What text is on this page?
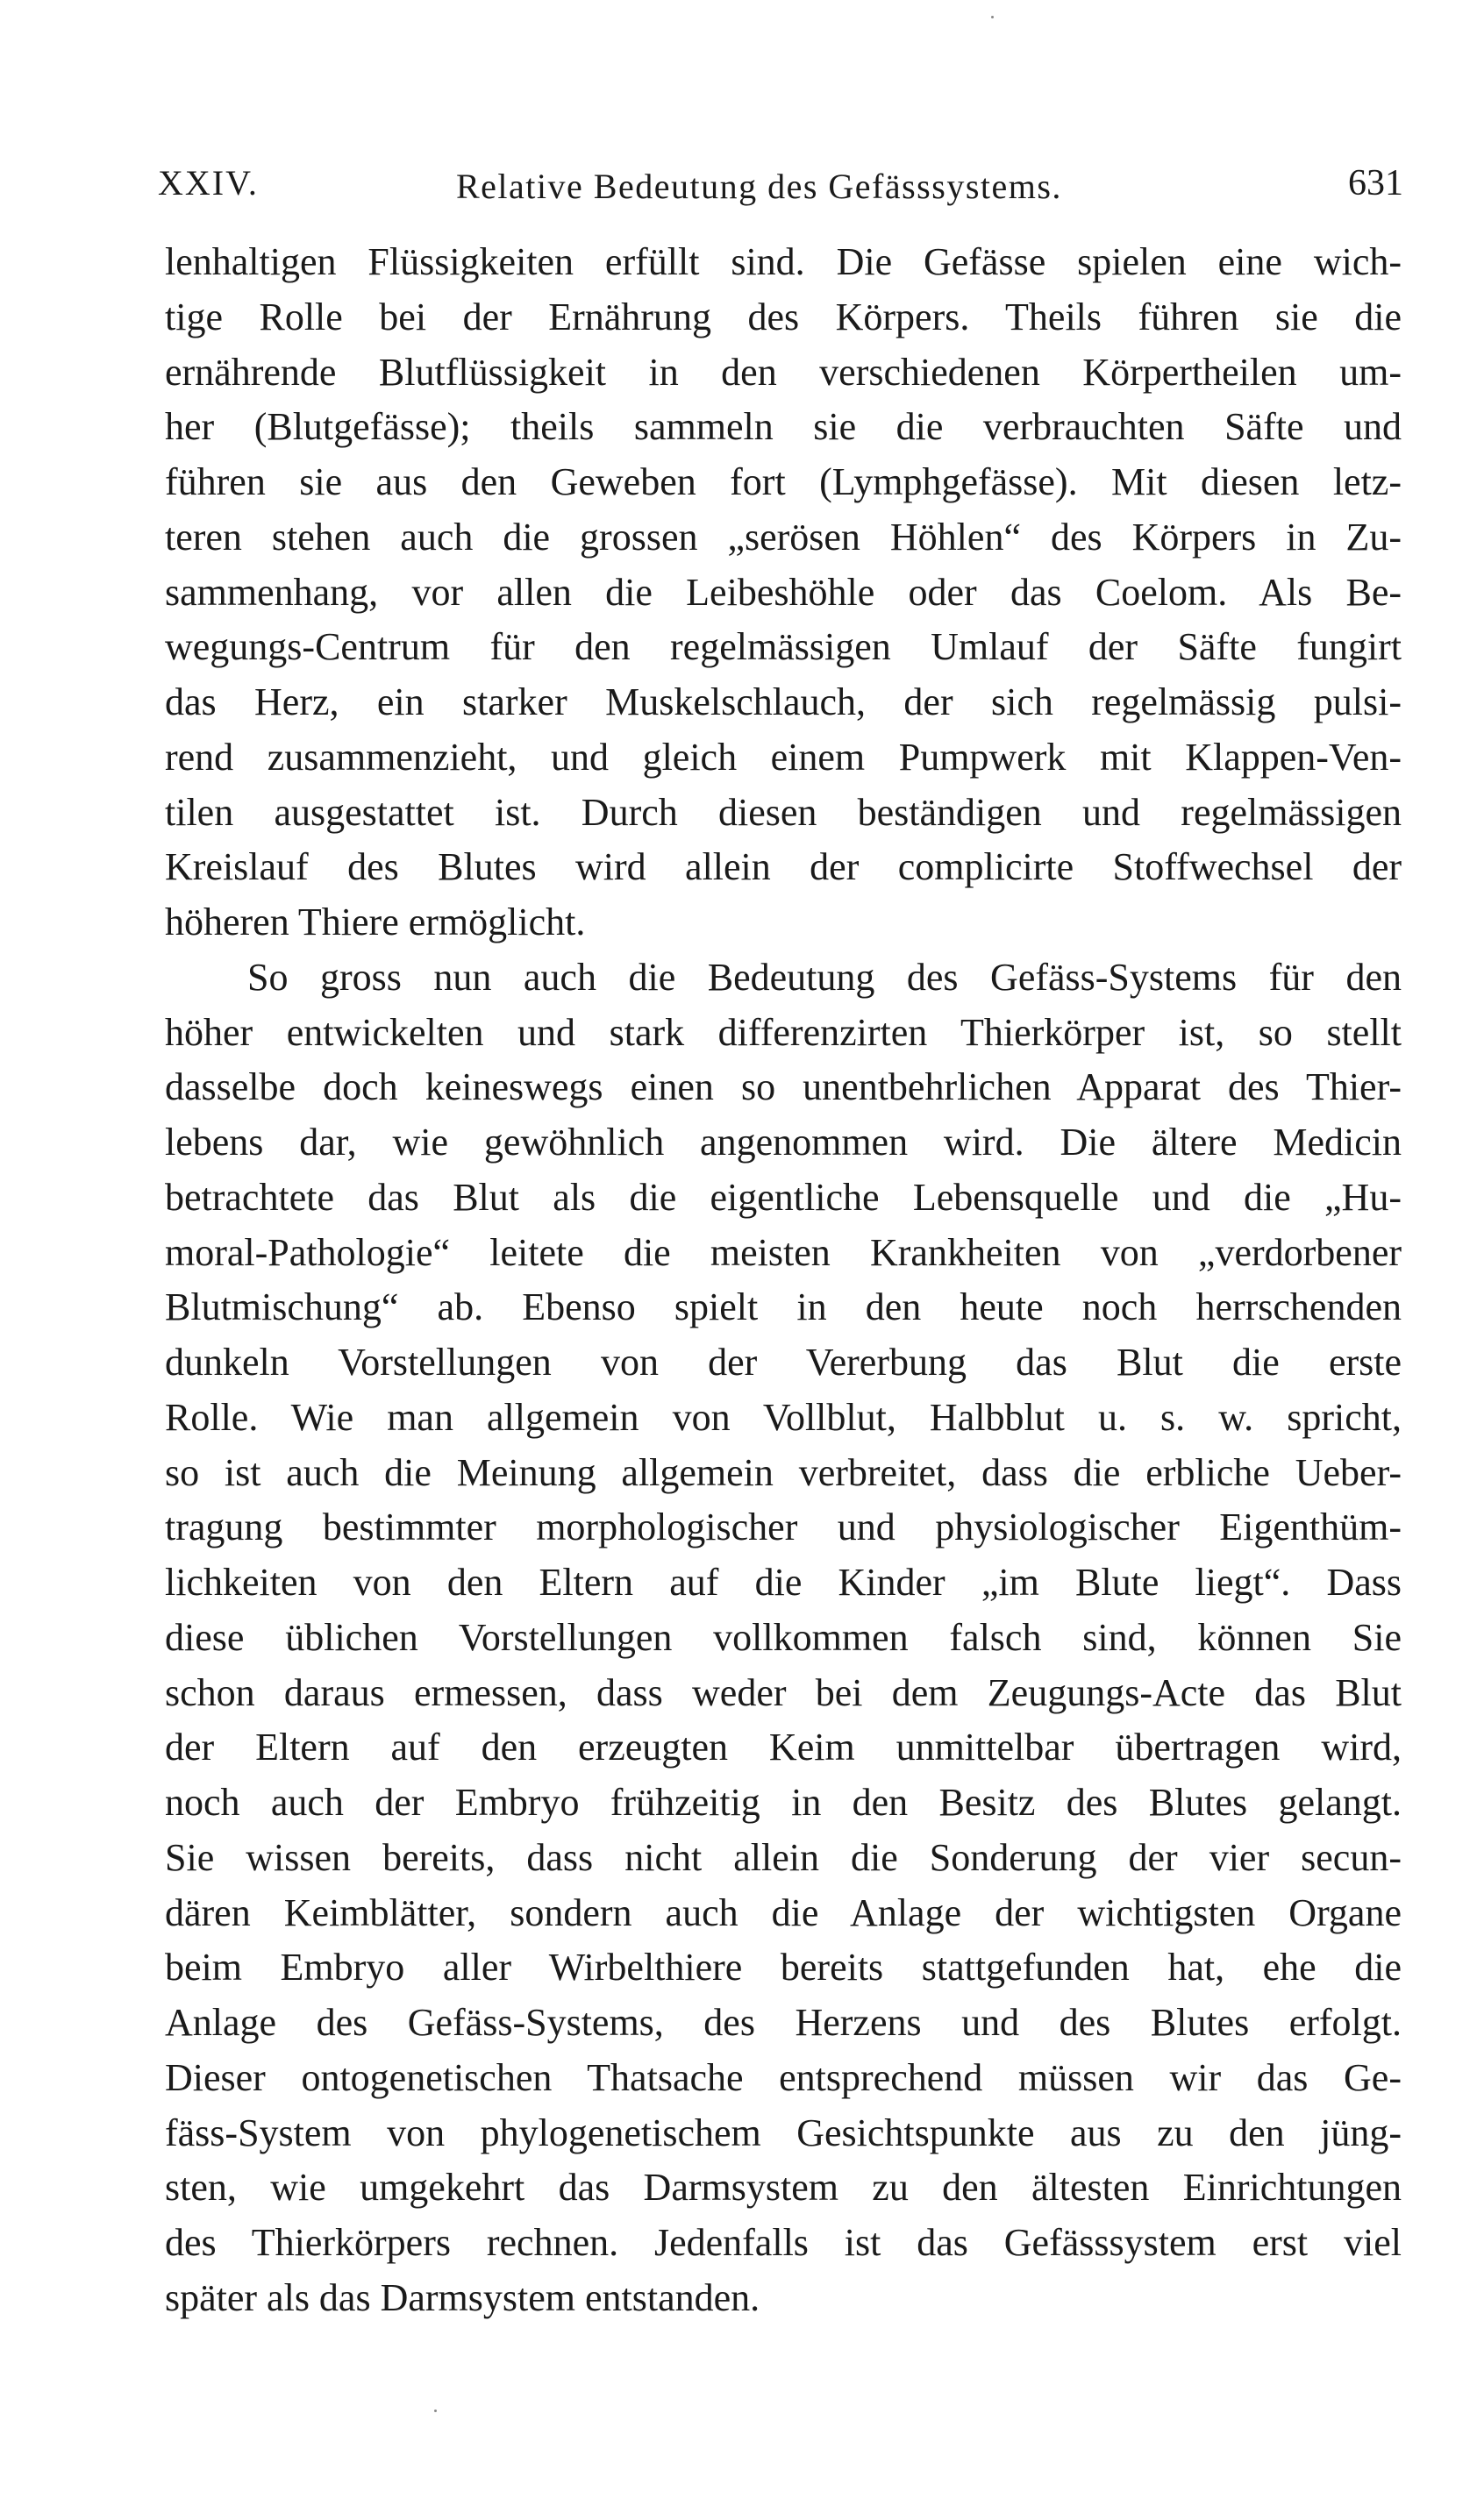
XXIV.	Relative Bedeutung des Gefässsystems.	631
lenhaltigen Flüssigkeiten erfüllt sind. Die Gefässe spielen eine wich-
tige Rolle bei der Ernährung des Körpers. Theils führen sie die
ernährende Blutflüssigkeit in den verschiedenen Körpertheilen um-
her (Blutgefässe); theils sammeln sie die verbrauchten Säfte und
führen sie aus den Geweben fort (Lymphgefässe). Mit diesen letz-
teren stehen auch die grossen „serösen Höhlen“ des Körpers in Zu-
sammenhang, vor allen die Leibeshöhle oder das Coelom. Als Be-
wegungs-Centrum für den regelmässigen Umlauf der Säfte fungirt
das Herz, ein starker Muskelschlauch, der sich regelmässig pulsi-
rend zusammenzieht, und gleich einem Pumpwerk mit Klappen-Ven-
tilen ausgestattet ist. Durch diesen beständigen und regelmässigen
Kreislauf des Blutes wird allein der complicirte Stoffwechsel der
höheren Thiere ermöglicht.
So gross nun auch die Bedeutung des Gefäss-Systems für den
höher entwickelten und stark differenzirten Thierkörper ist, so stellt
dasselbe doch keineswegs einen so unentbehrlichen Apparat des Thier-
lebens dar, wie gewöhnlich angenommen wird. Die ältere Medicin
betrachtete das Blut als die eigentliche Lebensquelle und die „Hu-
moral-Pathologie“ leitete die meisten Krankheiten von „verdorbener
Blutmischung“ ab. Ebenso spielt in den heute noch herrschenden
dunkeln Vorstellungen von der Vererbung das Blut die erste
Rolle. Wie man allgemein von Vollblut, Halbblut u. s. w. spricht,
so ist auch die Meinung allgemein verbreitet, dass die erbliche Ueber-
tragung bestimmter morphologischer und physiologischer Eigenthüm-
lichkeiten von den Eltern auf die Kinder „im Blute liegt“. Dass
diese üblichen Vorstellungen vollkommen falsch sind, können Sie
schon daraus ermessen, dass weder bei dem Zeugungs-Acte das Blut
der Eltern auf den erzeugten Keim unmittelbar übertragen wird,
noch auch der Embryo frühzeitig in den Besitz des Blutes gelangt.
Sie wissen bereits, dass nicht allein die Sonderung der vier secun-
dären Keimblätter, sondern auch die Anlage der wichtigsten Organe
beim Embryo aller Wirbelthiere bereits stattgefunden hat, ehe die
Anlage des Gefäss-Systems, des Herzens und des Blutes erfolgt.
Dieser ontogenetischen Thatsache entsprechend müssen wir das Ge-
fäss-System von phylogenetischem Gesichtspunkte aus zu den jüng-
sten, wie umgekehrt das Darmsystem zu den ältesten Einrichtungen
des Thierkörpers rechnen. Jedenfalls ist das Gefässsystem erst viel
später als das Darmsystem entstanden.
